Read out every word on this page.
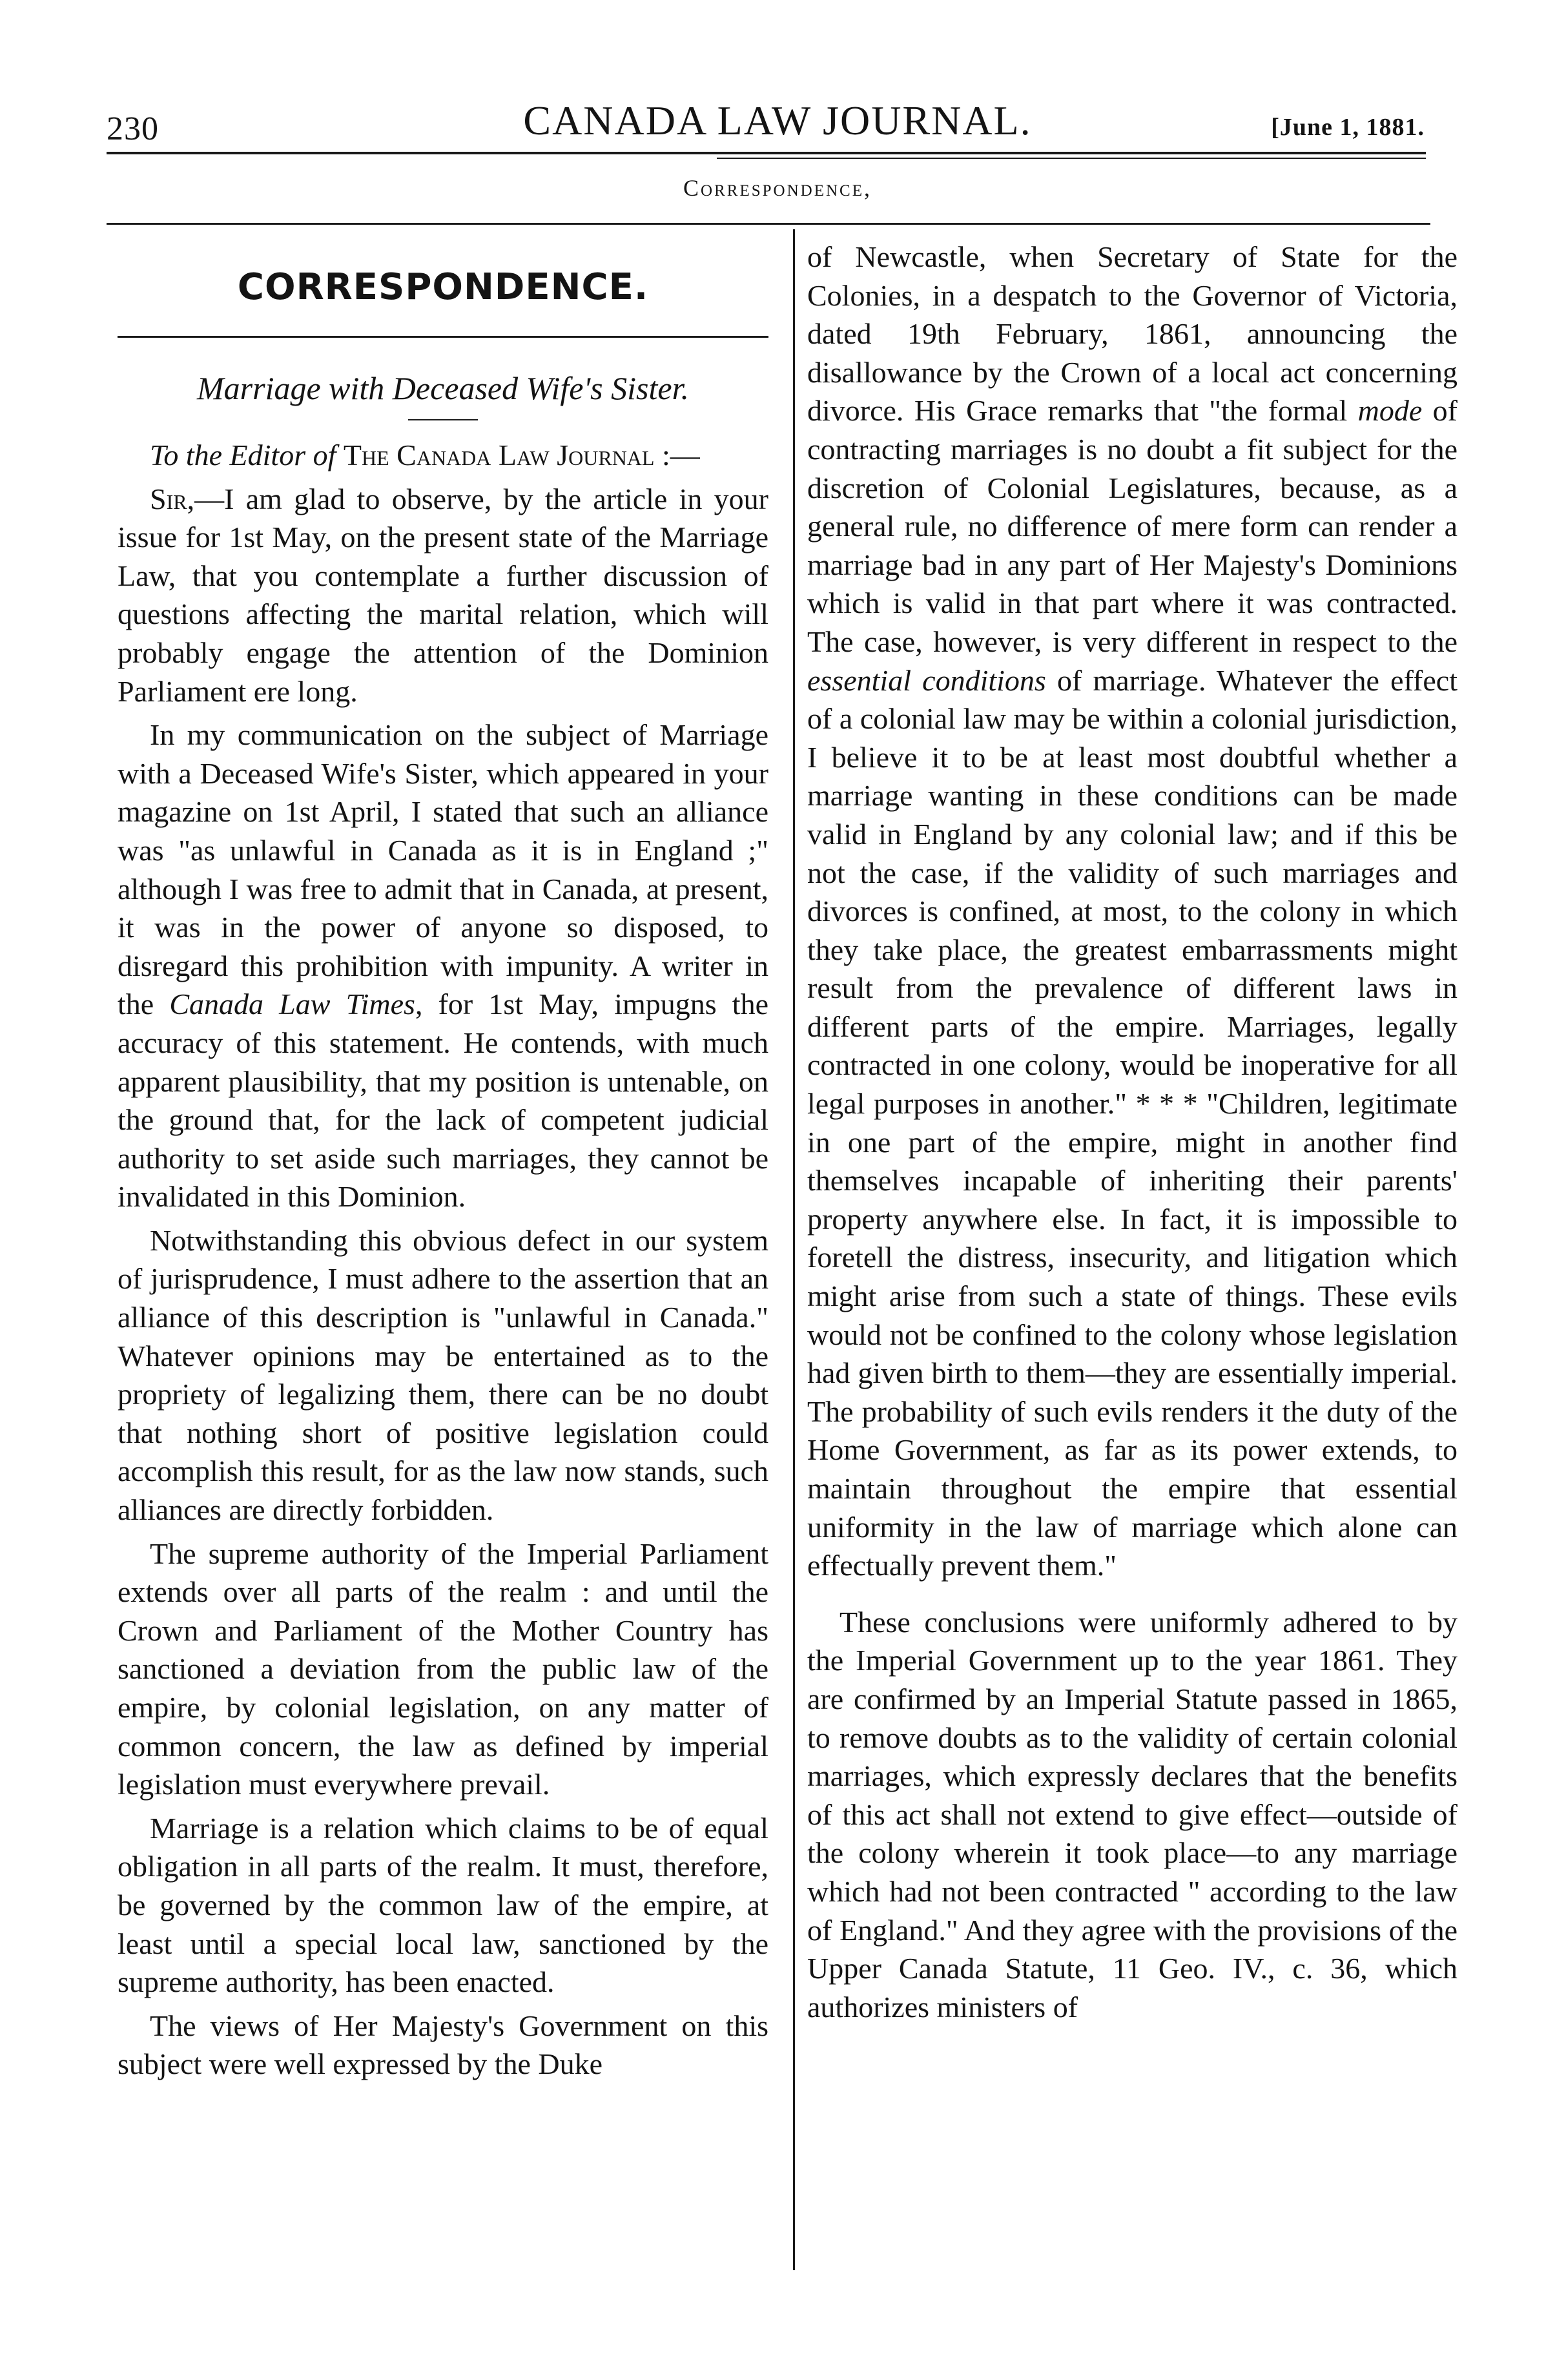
230	CANADA LAW JOURNAL.	[June 1, 1881.
Correspondence,
CORRESPONDENCE.
Marriage with Deceased Wife's Sister.

To the Editor of The Canada Law Journal :—

Sir,—I am glad to observe, by the article in your issue for 1st May, on the present state of the Marriage Law, that you contemplate a further discussion of questions affecting the marital relation, which will probably engage the attention of the Dominion Parliament ere long.

In my communication on the subject of Marriage with a Deceased Wife's Sister, which appeared in your magazine on 1st April, I stated that such an alliance was "as unlawful in Canada as it is in England ;" although I was free to admit that in Canada, at present, it was in the power of anyone so disposed, to disregard this prohibition with impunity. A writer in the Canada Law Times, for 1st May, impugns the accuracy of this statement. He contends, with much apparent plausibility, that my position is untenable, on the ground that, for the lack of competent judicial authority to set aside such marriages, they cannot be invalidated in this Dominion.

Notwithstanding this obvious defect in our system of jurisprudence, I must adhere to the assertion that an alliance of this description is "unlawful in Canada." Whatever opinions may be entertained as to the propriety of legalizing them, there can be no doubt that nothing short of positive legislation could accomplish this result, for as the law now stands, such alliances are directly forbidden.

The supreme authority of the Imperial Parliament extends over all parts of the realm : and until the Crown and Parliament of the Mother Country has sanctioned a deviation from the public law of the empire, by colonial legislation, on any matter of common concern, the law as defined by imperial legislation must everywhere prevail.

Marriage is a relation which claims to be of equal obligation in all parts of the realm. It must, therefore, be governed by the common law of the empire, at least until a special local law, sanctioned by the supreme authority, has been enacted.

The views of Her Majesty's Government on this subject were well expressed by the Duke

of Newcastle, when Secretary of State for the Colonies, in a despatch to the Governor of Victoria, dated 19th February, 1861, announcing the disallowance by the Crown of a local act concerning divorce. His Grace remarks that "the formal mode of contracting marriages is no doubt a fit subject for the discretion of Colonial Legislatures, because, as a general rule, no difference of mere form can render a marriage bad in any part of Her Majesty's Dominions which is valid in that part where it was contracted. The case, however, is very different in respect to the essential conditions of marriage. Whatever the effect of a colonial law may be within a colonial jurisdiction, I believe it to be at least most doubtful whether a marriage wanting in these conditions can be made valid in England by any colonial law; and if this be not the case, if the validity of such marriages and divorces is confined, at most, to the colony in which they take place, the greatest embarrassments might result from the prevalence of different laws in different parts of the empire. Marriages, legally contracted in one colony, would be inoperative for all legal purposes in another." * * * "Children, legitimate in one part of the empire, might in another find themselves incapable of inheriting their parents' property anywhere else. In fact, it is impossible to foretell the distress, insecurity, and litigation which might arise from such a state of things. These evils would not be confined to the colony whose legislation had given birth to them—they are essentially imperial. The probability of such evils renders it the duty of the Home Government, as far as its power extends, to maintain throughout the empire that essential uniformity in the law of marriage which alone can effectually prevent them."

These conclusions were uniformly adhered to by the Imperial Government up to the year 1861. They are confirmed by an Imperial Statute passed in 1865, to remove doubts as to the validity of certain colonial marriages, which expressly declares that the benefits of this act shall not extend to give effect—outside of the colony wherein it took place—to any marriage which had not been contracted " according to the law of England." And they agree with the provisions of the Upper Canada Statute, 11 Geo. IV., c. 36, which authorizes ministers of
